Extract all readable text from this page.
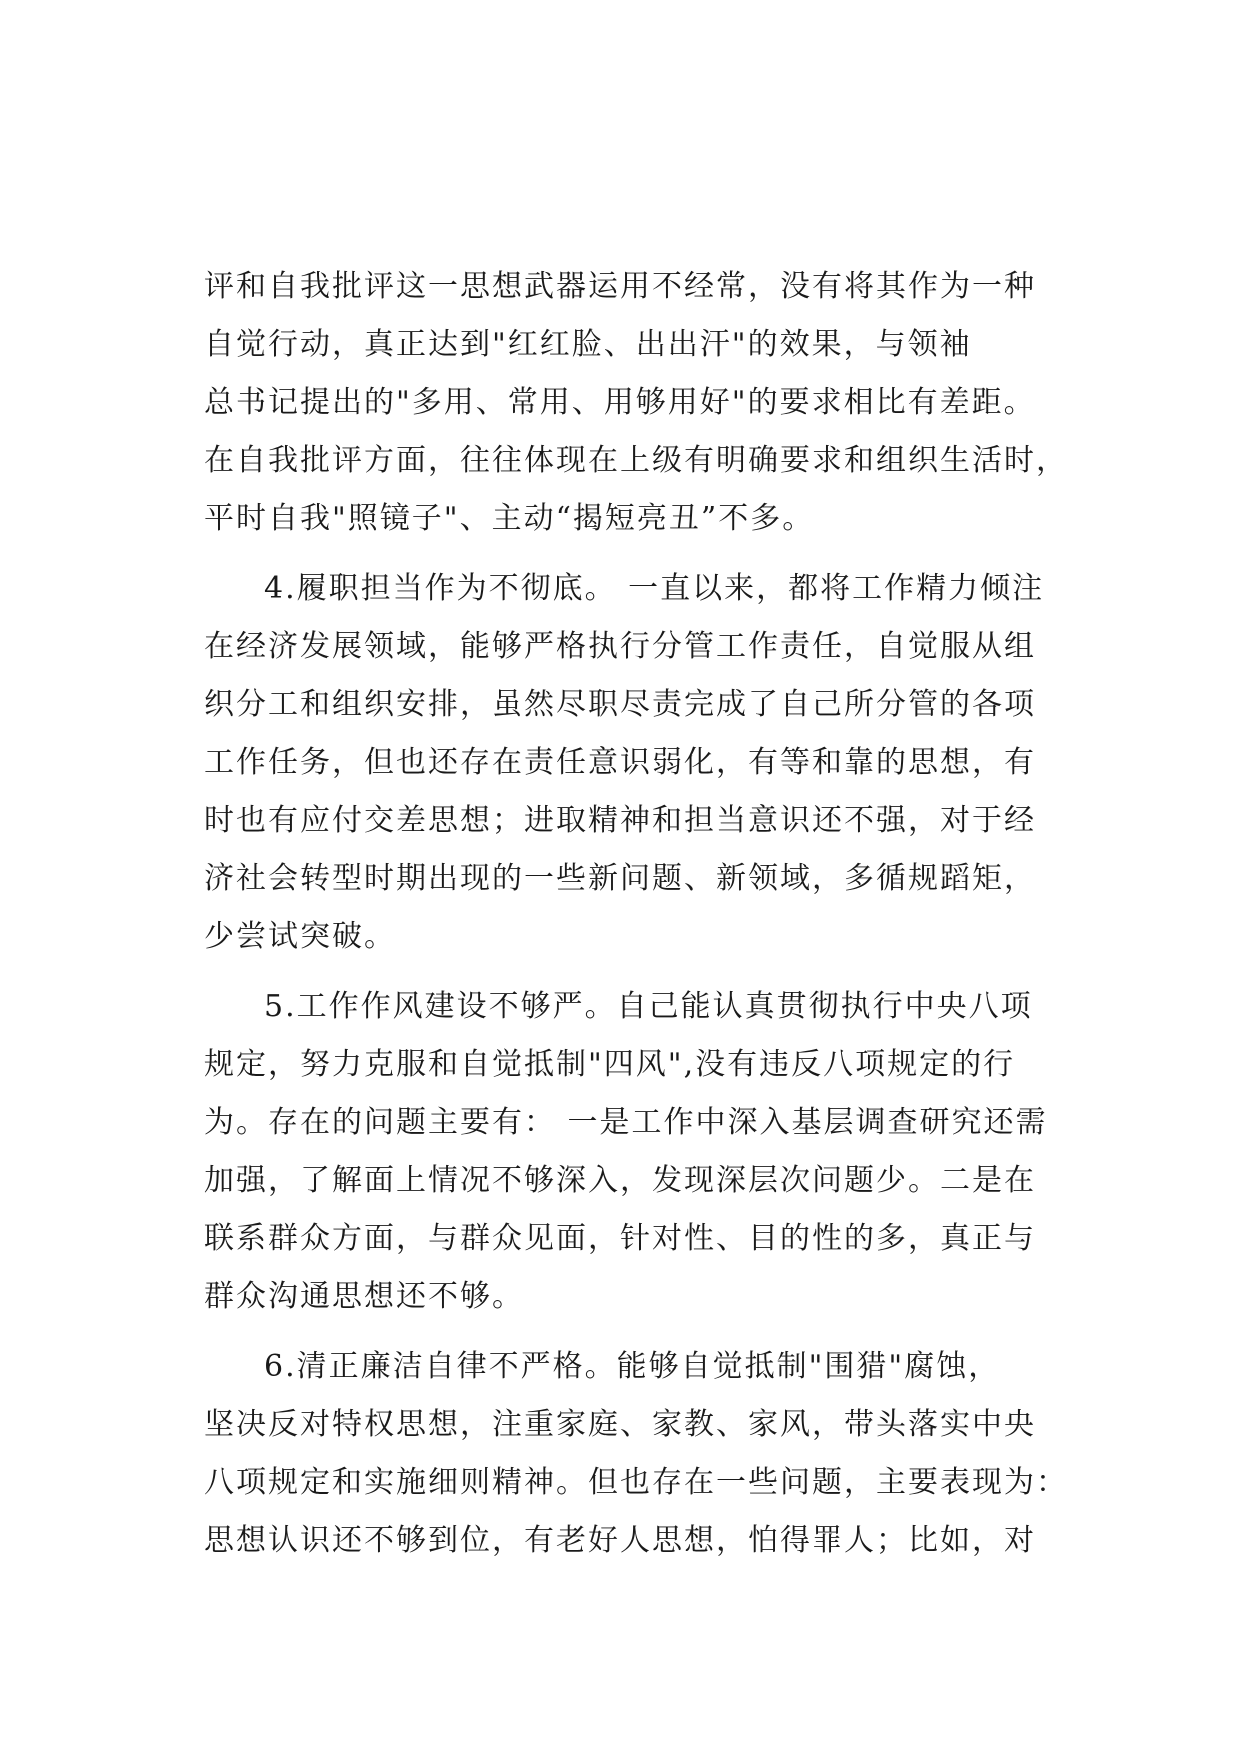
评和自我批评这一思想武器运用不经常，没有将其作为一种
自觉行动，真正达到"红红脸、出出汗"的效果，与领袖
总书记提出的"多用、常用、用够用好"的要求相比有差距。
在自我批评方面，往往体现在上级有明确要求和组织生活时，
平时自我"照镜子"、主动“揭短亮丑”不多。
4.履职担当作为不彻底。 一直以来，都将工作精力倾注
在经济发展领域，能够严格执行分管工作责任，自觉服从组
织分工和组织安排，虽然尽职尽责完成了自己所分管的各项
工作任务，但也还存在责任意识弱化，有等和靠的思想，有
时也有应付交差思想；进取精神和担当意识还不强，对于经
济社会转型时期出现的一些新问题、新领域，多循规蹈矩，
少尝试突破。
5.工作作风建设不够严。自己能认真贯彻执行中央八项
规定，努力克服和自觉抵制"四风",没有违反八项规定的行
为。存在的问题主要有： 一是工作中深入基层调查研究还需
加强，了解面上情况不够深入，发现深层次问题少。二是在
联系群众方面，与群众见面，针对性、目的性的多，真正与
群众沟通思想还不够。
6.清正廉洁自律不严格。能够自觉抵制"围猎"腐蚀，
坚决反对特权思想，注重家庭、家教、家风，带头落实中央
八项规定和实施细则精神。但也存在一些问题，主要表现为：
思想认识还不够到位，有老好人思想，怕得罪人；比如，对
